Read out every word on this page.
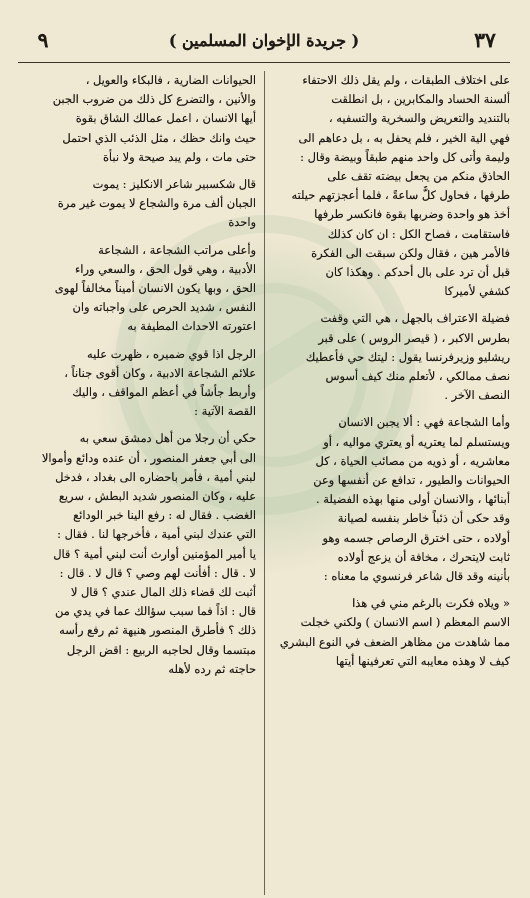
٣٧
( جريدة الإخوان المسلمين )
٩
على اختلاف الطبقات ، ولم يقل ذلك الاحتفاء
ألسنة الحساد والمكابرين ، بل انطلقت
بالتنديد والتعريض والسخرية والتسفيه ،
فهي الية الخير ، فلم يحفل به ، بل دعاهم الى
وليمة وأتى كل واحد منهم طبقاً وبيضة وقال :
الحاذق منكم من يجعل بيضته تقف على
طرفها ، فحاول كلٌّ ساعةً ، فلما أعجزتهم حيلته
أخذ هو واحدة وضربها بقوة فانكسر طرفها
فاستقامت ، فصاح الكل : ان كان كذلك
فالأمر هين ، فقال ولكن سبقت الى الفكرة
قبل أن ترد على بال أحدكم . وهكذا كان
كشفي لأميركا
فضيلة الاعتراف بالجهل ، هي التي وقفت
بطرس الاكبر ، ( قيصر الروس ) على قبر
ريشليو وزيرفرنسا يقول : ليتك حي فأعطيك
نصف ممالكي ، لأتعلم منك كيف أسوس
النصف الآخر .
وأما الشجاعة فهي : ألا يجبن الانسان
ويستسلم لما يعتريه أو يعتري مواليه ، أو
معاشريه ، أو ذويه من مصائب الحياة ، كل
الحيوانات والطيور ، تدافع عن أنفسها وعن
أبنائها ، والانسان أولى منها بهذه الفضيلة .
وقد حكى أن ذئباً خاطر بنفسه لصيانة
أولاده ، حتى اخترق الرصاص جسمه وهو
ثابت لايتحرك ، مخافة أن يزعج أولاده
بأنينه وقد قال شاعر فرنسوي ما معناه :
« ويلاه فكرت بالرغم مني في هذا
الاسم المعظم ( اسم الانسان ) ولكني خجلت
مما شاهدت من مظاهر الضعف في النوع البشري
كيف لا وهذه معايبه التي تعرفينها أيتها
الحيوانات الضارية ، فالبكاء والعويل ،
والأنين ، والتضرع كل ذلك من ضروب الجبن
أيها الانسان ، اعمل عمالك الشاق بقوة
حيث وانك حظك ، مثل الذئب الذي احتمل
حتى مات ، ولم يبد صيحة ولا نبأة
قال شكسبير شاعر الانكليز : يموت
الجبان ألف مرة والشجاع لا يموت غير مرة
واحدة
وأعلى مراتب الشجاعة ، الشجاعة
الأدبية ، وهي قول الحق ، والسعي وراء
الحق ، وبها يكون الانسان أميناً مخالفاً لهوى
النفس ، شديد الحرص على واجباته وان
اعتورته الاحداث المطيفة به
الرجل اذا قوي ضميره ، ظهرت عليه
علائم الشجاعة الادبية ، وكان أقوى جناناً ،
وأربط جأشاً في أعظم المواقف ، واليك
القصة الآتية :
حكي أن رجلا من أهل دمشق سعي به
الى أبي جعفر المنصور ، أن عنده ودائع وأموالا
لبني أمية ، فأمر باحضاره الى بغداد ، فدخل
عليه ، وكان المنصور شديد البطش ، سريع
الغضب . فقال له : رفع الينا خبر الودائع
التي عندك لبني أمية ، فأخرجها لنا . فقال :
يا أمير المؤمنين أوارث أنت لبني أمية ؟ قال
لا . قال : أفأنت لهم وصي ؟ قال لا . قال :
أثبت لك قضاء ذلك المال عندي ؟ قال لا
قال : اذاً فما سبب سؤالك عما في يدي من
ذلك ؟ فأطرق المنصور هنيهة ثم رفع رأسه
مبتسما وقال لحاجبه الربيع : اقض الرجل
حاجته ثم رده لأهله
